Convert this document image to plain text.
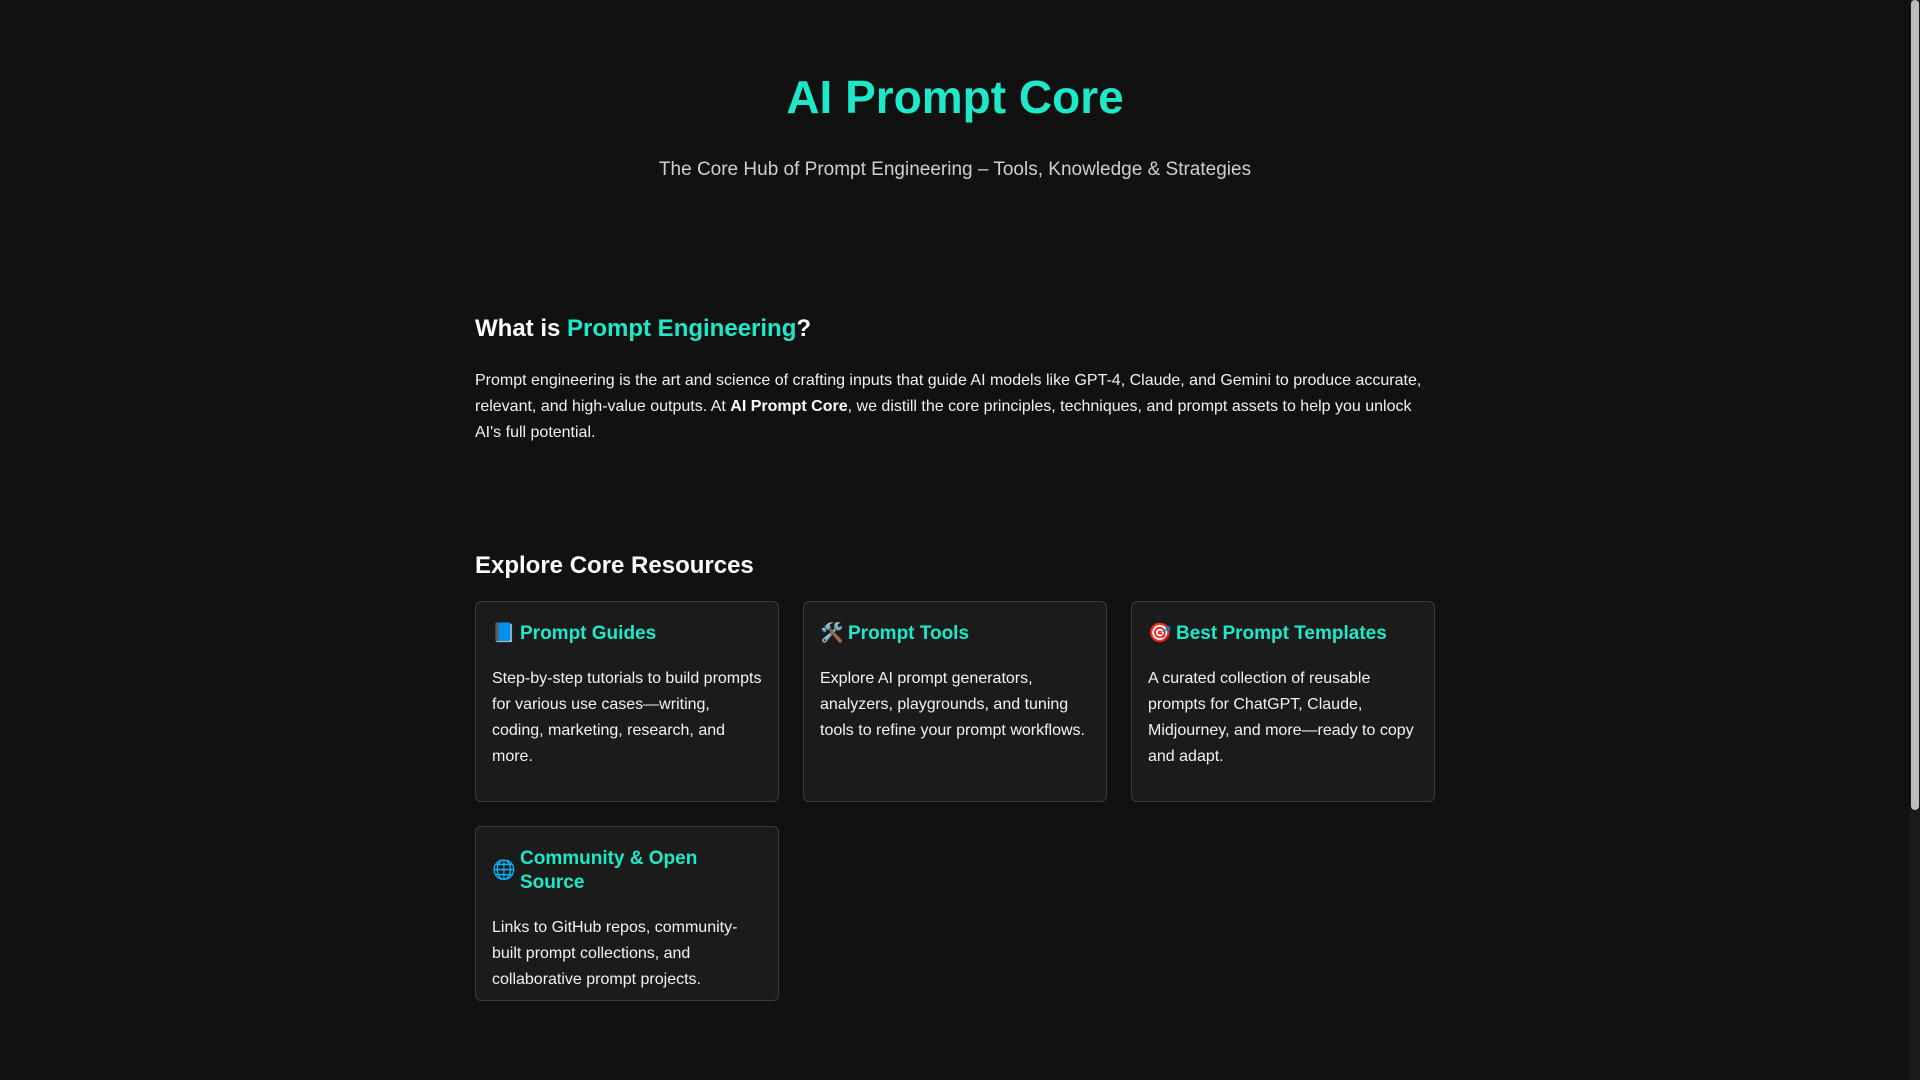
AI Prompt Core

The Core Hub of Prompt Engineering – Tools, Knowledge & Strategies

What is Prompt Engineering?

Prompt engineering is the art and science of crafting inputs that guide AI models like GPT-4, Claude, and Gemini to produce accurate, relevant, and high-value outputs. At AI Prompt Core, we distill the core principles, techniques, and prompt assets to help you unlock AI's full potential.

Explore Core Resources
📘 Prompt Guides

Step-by-step tutorials to build prompts for various use cases—writing, coding, marketing, research, and more.

🛠️ Prompt Tools

Explore AI prompt generators, analyzers, playgrounds, and tuning tools to refine your prompt workflows.

🎯 Best Prompt Templates

A curated collection of reusable prompts for ChatGPT, Claude, Midjourney, and more—ready to copy and adapt.

🌐
Community & Open Source

Links to GitHub repos, community-built prompt collections, and collaborative prompt projects.
